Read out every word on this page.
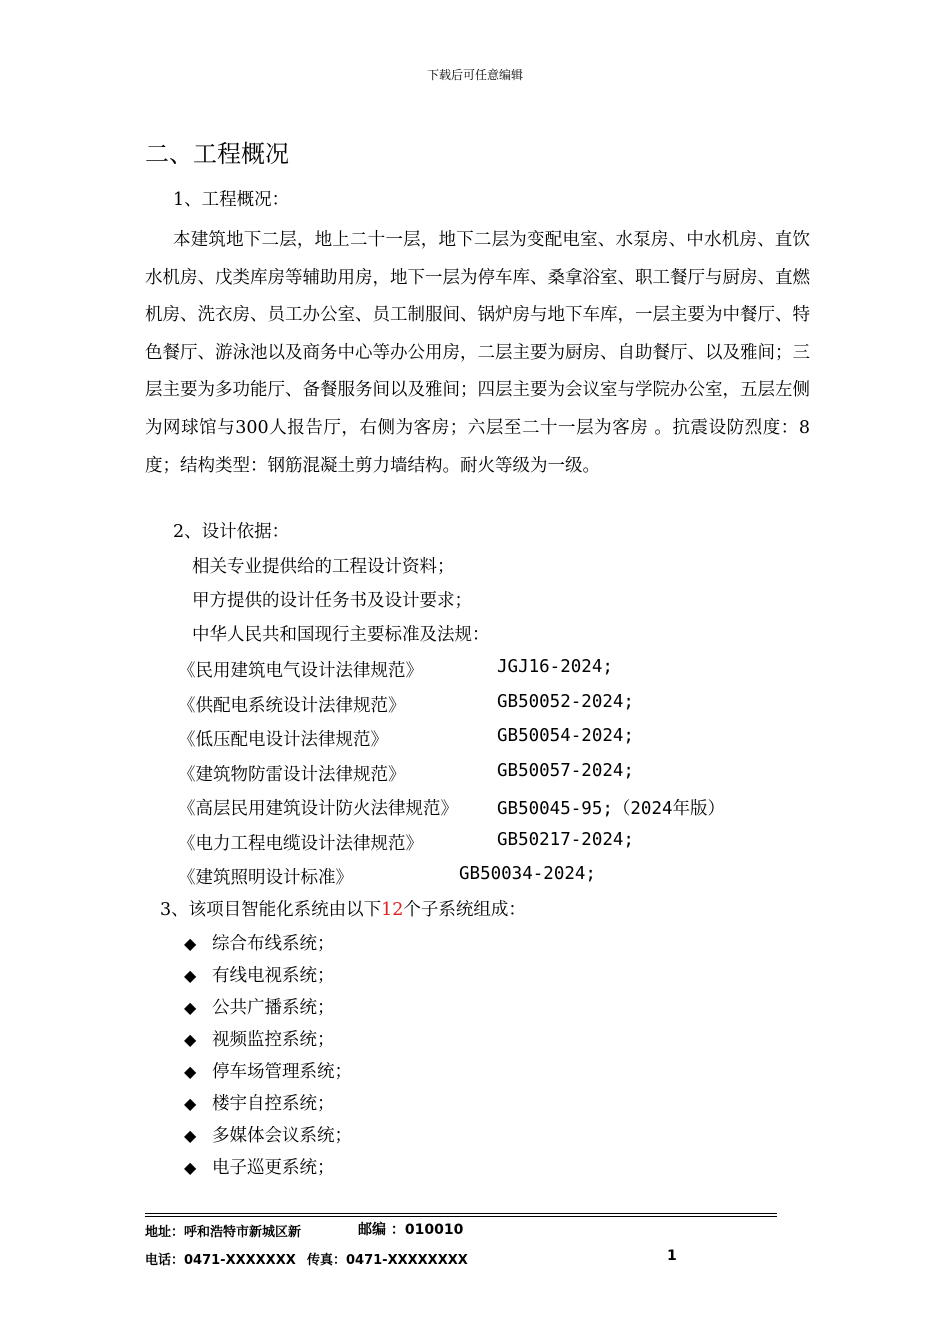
下载后可任意编辑
二、工程概况
1、工程概况：

本建筑地下二层，地上二十一层，地下二层为变配电室、水泵房、中水机房、直饮水机房、戊类库房等辅助用房，地下一层为停车库、桑拿浴室、职工餐厅与厨房、直燃机房、洗衣房、员工办公室、员工制服间、锅炉房与地下车库，一层主要为中餐厅、特色餐厅、游泳池以及商务中心等办公用房，二层主要为厨房、自助餐厅、以及雅间；三层主要为多功能厅、备餐服务间以及雅间；四层主要为会议室与学院办公室，五层左侧为网球馆与300人报告厅，右侧为客房；六层至二十一层为客房 。抗震设防烈度：8度；结构类型：钢筋混凝土剪力墙结构。耐火等级为一级。

2、设计依据：
相关专业提供给的工程设计资料；
甲方提供的设计任务书及设计要求；
中华人民共和国现行主要标准及法规：
《民用建筑电气设计法律规范》	JGJ16-2024;
《供配电系统设计法律规范》	GB50052-2024;
《低压配电设计法律规范》	GB50054-2024;
《建筑物防雷设计法律规范》	GB50057-2024;
《高层民用建筑设计防火法律规范》 GB50045-95;（2024年版）
《电力工程电缆设计法律规范》	GB50217-2024;
《建筑照明设计标准》	GB50034-2024;
3、该项目智能化系统由以下12个子系统组成：
◆ 综合布线系统；
◆ 有线电视系统；
◆ 公共广播系统；
◆ 视频监控系统；
◆ 停车场管理系统；
◆ 楼宇自控系统；
◆ 多媒体会议系统；
◆ 电子巡更系统；
地址：呼和浩特市新城区新	邮编 ：010010
电话：0471-XXXXXXX 传真：0471-XXXXXXXX	1
